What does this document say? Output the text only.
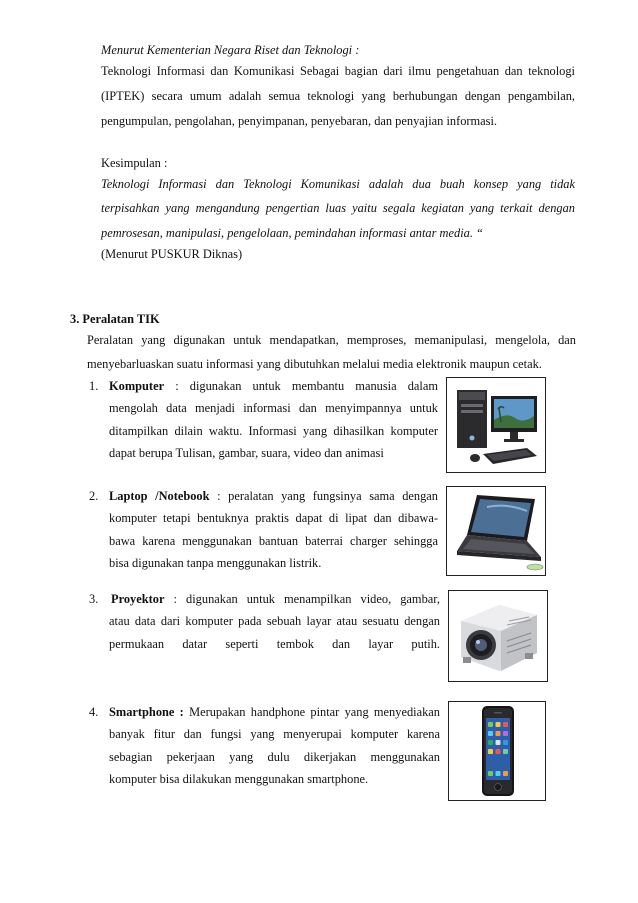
Menurut Kementerian Negara Riset dan Teknologi :
Teknologi Informasi dan Komunikasi Sebagai bagian dari ilmu pengetahuan dan teknologi
(IPTEK) secara umum adalah semua teknologi yang berhubungan dengan pengambilan,
pengumpulan, pengolahan, penyimpanan, penyebaran, dan penyajian informasi.
Kesimpulan :
Teknologi Informasi dan Teknologi Komunikasi adalah dua buah konsep yang tidak
terpisahkan yang mengandung pengertian luas yaitu segala kegiatan yang terkait dengan
pemrosesan, manipulasi, pengelolaan, pemindahan informasi antar media. “
(Menurut PUSKUR Diknas)
3. Peralatan TIK
Peralatan yang digunakan untuk mendapatkan, memproses, memanipulasi, mengelola, dan
menyebarluaskan suatu informasi yang dibutuhkan melalui media elektronik maupun cetak.
1. Komputer : digunakan untuk membantu manusia dalam
mengolah data menjadi informasi dan menyimpannya untuk
ditampilkan dilain waktu. Informasi yang dihasilkan komputer
dapat berupa Tulisan, gambar, suara, video dan animasi
2. Laptop /Notebook : peralatan yang fungsinya sama dengan
komputer tetapi bentuknya praktis dapat di lipat dan dibawa-
bawa karena menggunakan bantuan baterrai charger sehingga
bisa digunakan tanpa menggunakan listrik.
3. Proyektor : digunakan untuk menampilkan video, gambar,
atau data dari komputer pada sebuah layar atau sesuatu dengan
permukaan datar seperti tembok dan layar putih.
4. Smartphone : Merupakan handphone pintar yang menyediakan
banyak fitur dan fungsi yang menyerupai komputer karena
sebagian pekerjaan yang dulu dikerjakan menggunakan
komputer bisa dilakukan menggunakan smartphone.
